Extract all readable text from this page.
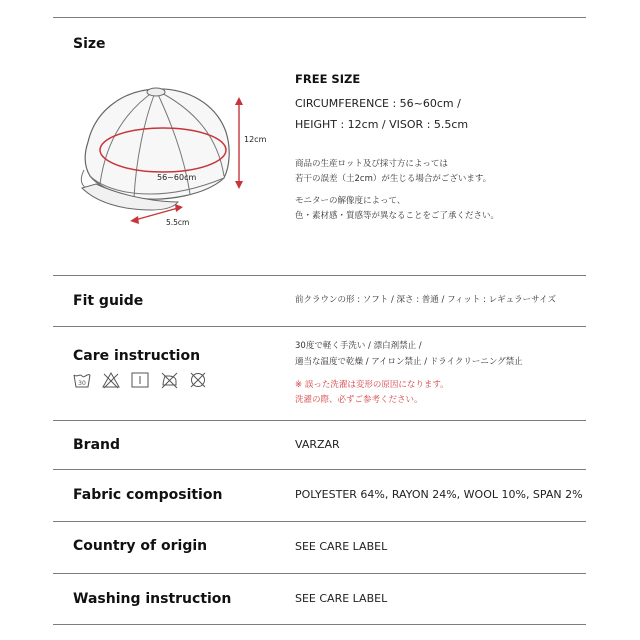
Size
12cm
56~60cm
5.5cm
FREE SIZE
CIRCUMFERENCE : 56~60cm /
HEIGHT : 12cm / VISOR : 5.5cm
商品の生産ロット及び採寸方によっては
若干の誤差（土2cm）が生じる場合がございます。
モニターの解像度によって、
色・素材感・質感等が異なることをご了承ください。
Fit guide	前クラウンの形 : ソフト / 深さ : 普通 / フィット : レギュラーサイズ
Care instruction
30度で軽く手洗い / 漂白剤禁止 /
適当な温度で乾燥 / アイロン禁止 / ドライクリーニング禁止
※ 誤った洗濯は変形の原因になります。
洗濯の際、必ずご参考ください。
30
Brand	VARZAR
Fabric composition	POLYESTER 64%, RAYON 24%, WOOL 10%, SPAN 2%
Country of origin	SEE CARE LABEL
Washing instruction	SEE CARE LABEL
